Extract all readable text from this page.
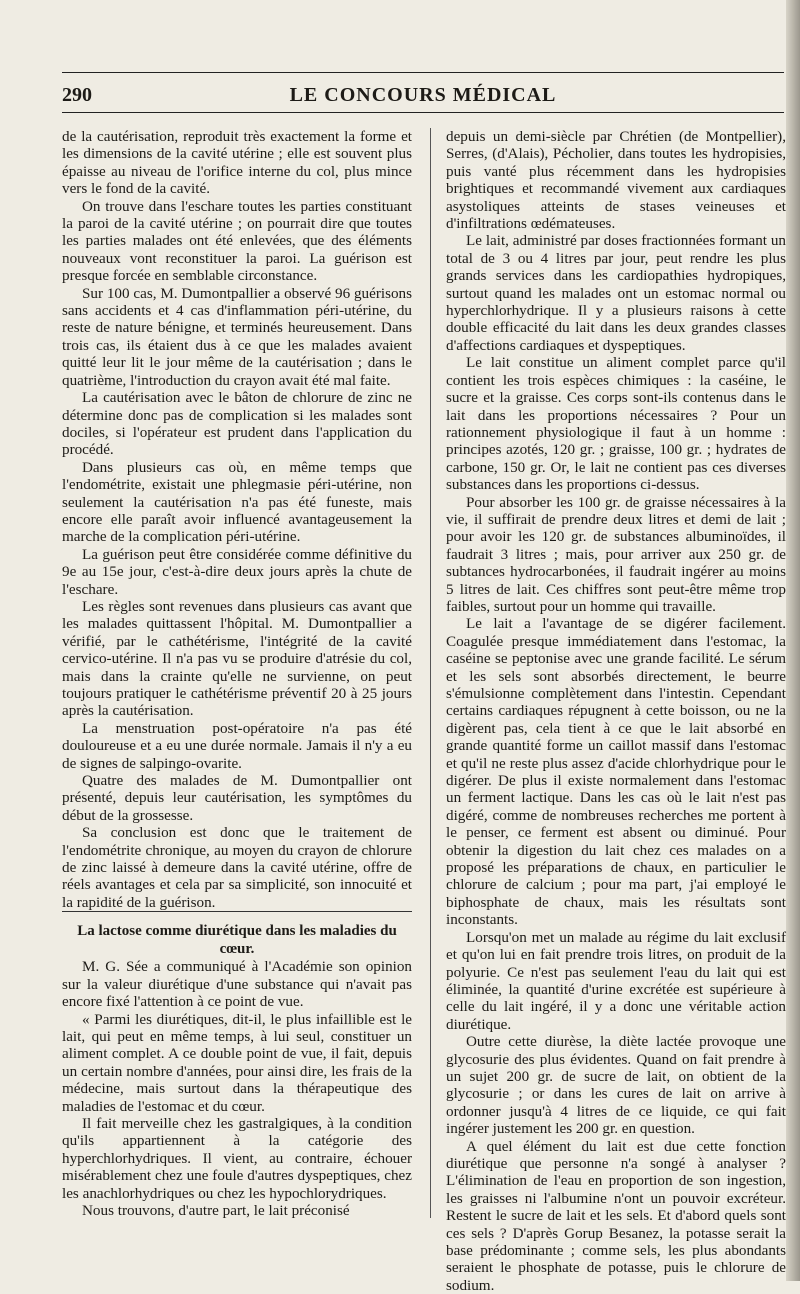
290	LE CONCOURS MÉDICAL

de la cautérisation, reproduit très exactement la forme et les dimensions de la cavité utérine ; elle est souvent plus épaisse au niveau de l'orifice interne du col, plus mince vers le fond de la cavité.

On trouve dans l'eschare toutes les parties constituant la paroi de la cavité utérine ; on pourrait dire que toutes les parties malades ont été enlevées, que des éléments nouveaux vont reconstituer la paroi. La guérison est presque forcée en semblable circonstance.

Sur 100 cas, M. Dumontpallier a observé 96 guérisons sans accidents et 4 cas d'inflammation péri-utérine, du reste de nature bénigne, et terminés heureusement. Dans trois cas, ils étaient dus à ce que les malades avaient quitté leur lit le jour même de la cautérisation ; dans le quatrième, l'introduction du crayon avait été mal faite.

La cautérisation avec le bâton de chlorure de zinc ne détermine donc pas de complication si les malades sont dociles, si l'opérateur est prudent dans l'application du procédé.

Dans plusieurs cas où, en même temps que l'endométrite, existait une phlegmasie péri-utérine, non seulement la cautérisation n'a pas été funeste, mais encore elle paraît avoir influencé avantageusement la marche de la complication péri-utérine.

La guérison peut être considérée comme définitive du 9e au 15e jour, c'est-à-dire deux jours après la chute de l'eschare.

Les règles sont revenues dans plusieurs cas avant que les malades quittassent l'hôpital. M. Dumontpallier a vérifié, par le cathétérisme, l'intégrité de la cavité cervico-utérine. Il n'a pas vu se produire d'atrésie du col, mais dans la crainte qu'elle ne survienne, on peut toujours pratiquer le cathétérisme préventif 20 à 25 jours après la cautérisation.

La menstruation post-opératoire n'a pas été douloureuse et a eu une durée normale. Jamais il n'y a eu de signes de salpingo-ovarite.

Quatre des malades de M. Dumontpallier ont présenté, depuis leur cautérisation, les symptômes du début de la grossesse.

Sa conclusion est donc que le traitement de l'endométrite chronique, au moyen du crayon de chlorure de zinc laissé à demeure dans la cavité utérine, offre de réels avantages et cela par sa simplicité, son innocuité et la rapidité de la guérison.

La lactose comme diurétique dans les maladies du cœur.

M. G. Sée a communiqué à l'Académie son opinion sur la valeur diurétique d'une substance qui n'avait pas encore fixé l'attention à ce point de vue.

« Parmi les diurétiques, dit-il, le plus infaillible est le lait, qui peut en même temps, à lui seul, constituer un aliment complet. A ce double point de vue, il fait, depuis un certain nombre d'années, pour ainsi dire, les frais de la médecine, mais surtout dans la thérapeutique des maladies de l'estomac et du cœur.

Il fait merveille chez les gastralgiques, à la condition qu'ils appartiennent à la catégorie des hyperchlorhydriques. Il vient, au contraire, échouer misérablement chez une foule d'autres dyspeptiques, chez les anachlorhydriques ou chez les hypochlorydriques.

Nous trouvons, d'autre part, le lait préconisé

depuis un demi-siècle par Chrétien (de Montpellier), Serres, (d'Alais), Pécholier, dans toutes les hydropisies, puis vanté plus récemment dans les hydropisies brightiques et recommandé vivement aux cardiaques asystoliques atteints de stases veineuses et d'infiltrations œdémateuses.

Le lait, administré par doses fractionnées formant un total de 3 ou 4 litres par jour, peut rendre les plus grands services dans les cardiopathies hydropiques, surtout quand les malades ont un estomac normal ou hyperchlorhydrique. Il y a plusieurs raisons à cette double efficacité du lait dans les deux grandes classes d'affections cardiaques et dyspeptiques.

Le lait constitue un aliment complet parce qu'il contient les trois espèces chimiques : la caséine, le sucre et la graisse. Ces corps sont-ils contenus dans le lait dans les proportions nécessaires ? Pour un rationnement physiologique il faut à un homme : principes azotés, 120 gr. ; graisse, 100 gr. ; hydrates de carbone, 150 gr. Or, le lait ne contient pas ces diverses substances dans les proportions ci-dessus.

Pour absorber les 100 gr. de graisse nécessaires à la vie, il suffirait de prendre deux litres et demi de lait ; pour avoir les 120 gr. de substances albuminoïdes, il faudrait 3 litres ; mais, pour arriver aux 250 gr. de subtances hydrocarbonées, il faudrait ingérer au moins 5 litres de lait. Ces chiffres sont peut-être même trop faibles, surtout pour un homme qui travaille.

Le lait a l'avantage de se digérer facilement. Coagulée presque immédiatement dans l'estomac, la caséine se peptonise avec une grande facilité. Le sérum et les sels sont absorbés directement, le beurre s'émulsionne complètement dans l'intestin. Cependant certains cardiaques répugnent à cette boisson, ou ne la digèrent pas, cela tient à ce que le lait absorbé en grande quantité forme un caillot massif dans l'estomac et qu'il ne reste plus assez d'acide chlorhydrique pour le digérer. De plus il existe normalement dans l'estomac un ferment lactique. Dans les cas où le lait n'est pas digéré, comme de nombreuses recherches me portent à le penser, ce ferment est absent ou diminué. Pour obtenir la digestion du lait chez ces malades on a proposé les préparations de chaux, en particulier le chlorure de calcium ; pour ma part, j'ai employé le biphosphate de chaux, mais les résultats sont inconstants.

Lorsqu'on met un malade au régime du lait exclusif et qu'on lui en fait prendre trois litres, on produit de la polyurie. Ce n'est pas seulement l'eau du lait qui est éliminée, la quantité d'urine excrétée est supérieure à celle du lait ingéré, il y a donc une véritable action diurétique.

Outre cette diurèse, la diète lactée provoque une glycosurie des plus évidentes. Quand on fait prendre à un sujet 200 gr. de sucre de lait, on obtient de la glycosurie ; or dans les cures de lait on arrive à ordonner jusqu'à 4 litres de ce liquide, ce qui fait ingérer justement les 200 gr. en question.

A quel élément du lait est due cette fonction diurétique que personne n'a songé à analyser ? L'élimination de l'eau en proportion de son ingestion, les graisses ni l'albumine n'ont un pouvoir excréteur. Restent le sucre de lait et les sels. Et d'abord quels sont ces sels ? D'après Gorup Besanez, la potasse serait la base prédominante ; comme sels, les plus abondants seraient le phosphate de potasse, puis le chlorure de sodium.
